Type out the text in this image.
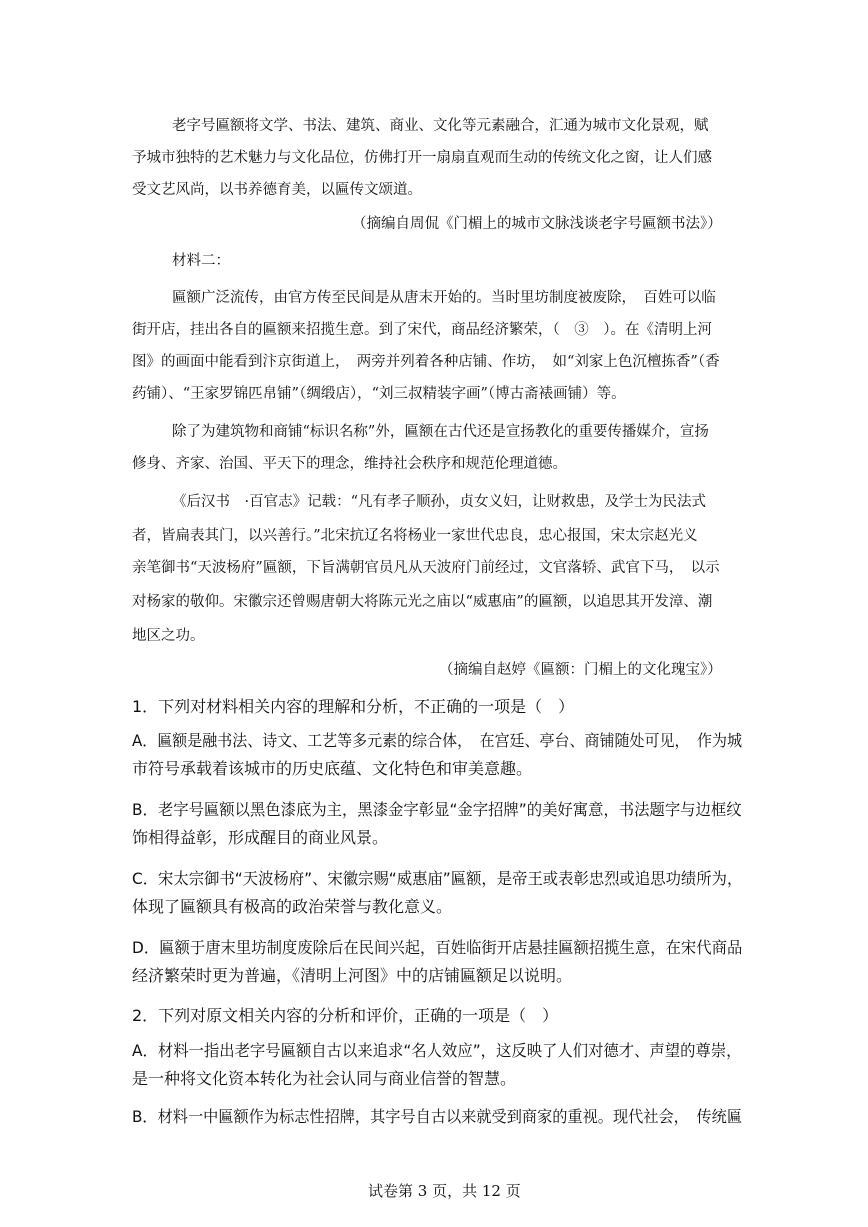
老字号匾额将文学、书法、建筑、商业、文化等元素融合，汇通为城市文化景观，赋
予城市独特的艺术魅力与文化品位，仿佛打开一扇扇直观而生动的传统文化之窗，让人们感
受文艺风尚，以书养德育美，以匾传文颂道。
（摘编自周侃《门楣上的城市文脉浅谈老字号匾额书法》）
材料二：
匾额广泛流传，由官方传至民间是从唐末开始的。当时里坊制度被废除，　百姓可以临
街开店，挂出各自的匾额来招揽生意。到了宋代，商品经济繁荣，（　③　）。在《清明上河
图》的画面中能看到汴京街道上，　两旁并列着各种店铺、作坊，　如“刘家上色沉檀拣香”（香
药铺）、“王家罗锦匹帛铺”（绸缎店），“刘三叔精装字画”（博古斋裱画铺）等。
除了为建筑物和商铺“标识名称”外，匾额在古代还是宣扬教化的重要传播媒介，宣扬
修身、齐家、治国、平天下的理念，维持社会秩序和规范伦理道德。
《后汉书　·百官志》记载：“凡有孝子顺孙，贞女义妇，让财救患，及学士为民法式
者，皆扁表其门，以兴善行。”北宋抗辽名将杨业一家世代忠良，忠心报国，宋太宗赵光义
亲笔御书“天波杨府”匾额，下旨满朝官员凡从天波府门前经过，文官落轿、武官下马，　以示
对杨家的敬仰。宋徽宗还曾赐唐朝大将陈元光之庙以“威惠庙”的匾额，以追思其开发漳、潮
地区之功。
（摘编自赵婷《匾额：门楣上的文化瑰宝》）
1．下列对材料相关内容的理解和分析，不正确的一项是（　）
A．匾额是融书法、诗文、工艺等多元素的综合体，　在宫廷、亭台、商铺随处可见，　作为城
市符号承载着该城市的历史底蕴、文化特色和审美意趣。
B．老字号匾额以黑色漆底为主，黑漆金字彰显“金字招牌”的美好寓意，书法题字与边框纹
饰相得益彰，形成醒目的商业风景。
C．宋太宗御书“天波杨府”、宋徽宗赐“威惠庙”匾额，是帝王或表彰忠烈或追思功绩所为，
体现了匾额具有极高的政治荣誉与教化意义。
D．匾额于唐末里坊制度废除后在民间兴起，百姓临街开店悬挂匾额招揽生意，在宋代商品
经济繁荣时更为普遍，《清明上河图》中的店铺匾额足以说明。
2．下列对原文相关内容的分析和评价，正确的一项是（　）
A．材料一指出老字号匾额自古以来追求“名人效应”，这反映了人们对德才、声望的尊崇，
是一种将文化资本转化为社会认同与商业信誉的智慧。
B．材料一中匾额作为标志性招牌，其字号自古以来就受到商家的重视。现代社会，　传统匾
试卷第 3 页，共 12 页
